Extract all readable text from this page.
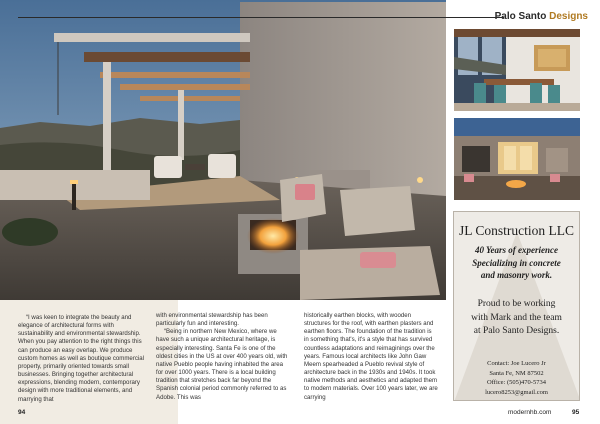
Palo Santo Designs
JL Construction LLC
40 Years of experience
Specializing in concrete
and masonry work.
Proud to be working
with Mark and the team
at Palo Santo Designs.
Contact: Joe Lucero Jr
Santa Fe, NM 87502
Office: (505)470-5734
lucero8253@gmail.com

“I was keen to integrate the beauty and elegance of architectural forms with sustainability and environmental stewardship. When you pay attention to the right things this can produce an easy overlap. We produce custom homes as well as boutique commercial property, primarily oriented towards small businesses. Bringing together architectural expressions, blending modern, contemporary design with more traditional elements, and marrying that

with environmental stewardship has been particularly fun and interesting.

“Being in northern New Mexico, where we have such a unique architectural heritage, is especially interesting. Santa Fe is one of the oldest cities in the US at over 400 years old, with native Pueblo people having inhabited the area for over 1000 years. There is a local building tradition that stretches back far beyond the Spanish colonial period commonly referred to as Adobe. This was

historically earthen blocks, with wooden structures for the roof, with earthen plasters and earthen floors. The foundation of the tradition is in something that's, it's a style that has survived countless adaptations and reimaginings over the years. Famous local architects like John Gaw Meem spearheaded a Pueblo revival style of architecture back in the 1930s and 1940s. It took native methods and aesthetics and adapted them to modern materials. Over 100 years later, we are carrying

94	modernhb.com	95
